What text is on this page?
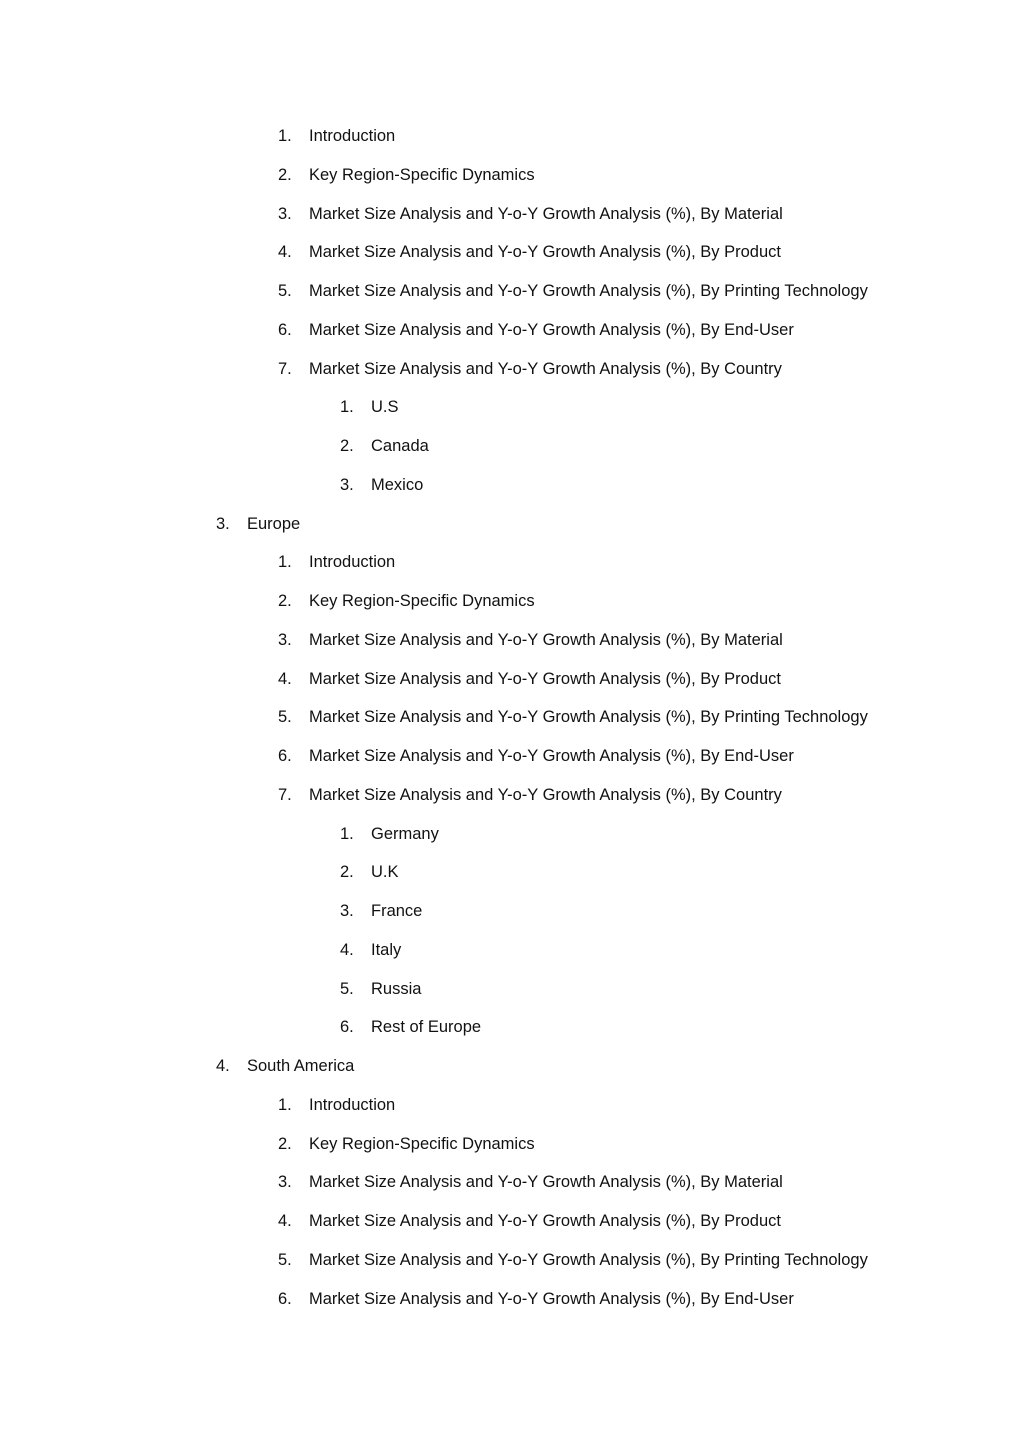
1. Introduction
2. Key Region-Specific Dynamics
3. Market Size Analysis and Y-o-Y Growth Analysis (%), By Material
4. Market Size Analysis and Y-o-Y Growth Analysis (%), By Product
5. Market Size Analysis and Y-o-Y Growth Analysis (%), By Printing Technology
6. Market Size Analysis and Y-o-Y Growth Analysis (%), By End-User
7. Market Size Analysis and Y-o-Y Growth Analysis (%), By Country
1. U.S
2. Canada
3. Mexico
3. Europe
1. Introduction
2. Key Region-Specific Dynamics
3. Market Size Analysis and Y-o-Y Growth Analysis (%), By Material
4. Market Size Analysis and Y-o-Y Growth Analysis (%), By Product
5. Market Size Analysis and Y-o-Y Growth Analysis (%), By Printing Technology
6. Market Size Analysis and Y-o-Y Growth Analysis (%), By End-User
7. Market Size Analysis and Y-o-Y Growth Analysis (%), By Country
1. Germany
2. U.K
3. France
4. Italy
5. Russia
6. Rest of Europe
4. South America
1. Introduction
2. Key Region-Specific Dynamics
3. Market Size Analysis and Y-o-Y Growth Analysis (%), By Material
4. Market Size Analysis and Y-o-Y Growth Analysis (%), By Product
5. Market Size Analysis and Y-o-Y Growth Analysis (%), By Printing Technology
6. Market Size Analysis and Y-o-Y Growth Analysis (%), By End-User
